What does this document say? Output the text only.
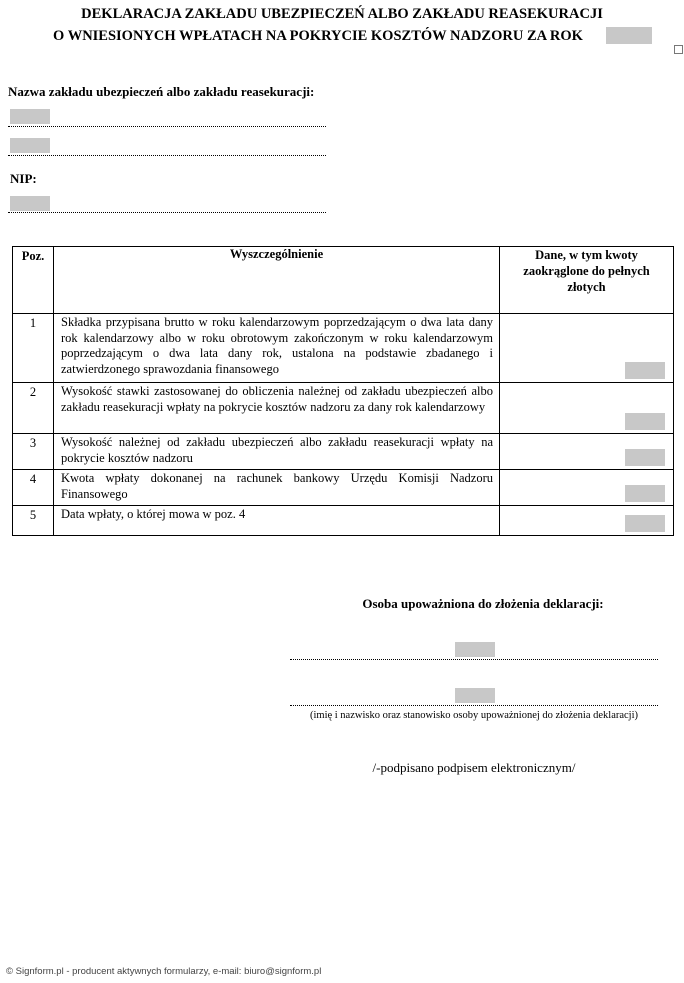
DEKLARACJA ZAKŁADU UBEZPIECZEŃ ALBO ZAKŁADU REASEKURACJI
O WNIESIONYCH WPŁATACH NA POKRYCIE KOSZTÓW NADZORU ZA ROK
Nazwa zakładu ubezpieczeń albo zakładu reasekuracji:
NIP:
Poz.	Wyszczególnienie	Dane, w tym kwoty zaokrąglone do pełnych złotych
1	Składka przypisana brutto w roku kalendarzowym poprzedzającym o dwa lata dany rok kalendarzowy albo w roku obrotowym zakończonym w roku kalendarzowym poprzedzającym o dwa lata dany rok, ustalona na podstawie zbadanego i zatwierdzonego sprawozdania finansowego	

2	Wysokość stawki zastosowanej do obliczenia należnej od zakładu ubezpieczeń albo zakładu reasekuracji wpłaty na pokrycie kosztów nadzoru za dany rok kalendarzowy	

3	Wysokość należnej od zakładu ubezpieczeń albo zakładu reasekuracji wpłaty na pokrycie kosztów nadzoru	

4	Kwota wpłaty dokonanej na rachunek bankowy Urzędu Komisji Nadzoru Finansowego	

5	Data wpłaty, o której mowa w poz. 4	
Osoba upoważniona do złożenia deklaracji:
(imię i nazwisko oraz stanowisko osoby upoważnionej do złożenia deklaracji)
/-podpisano podpisem elektronicznym/
© Signform.pl - producent aktywnych formularzy, e-mail: biuro@signform.pl
